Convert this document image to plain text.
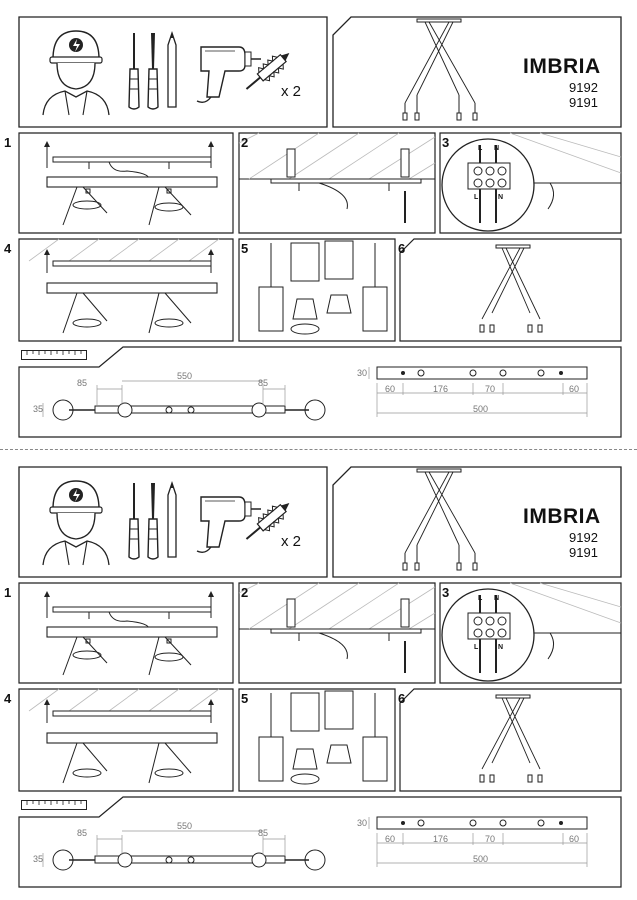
x 2
IMBRIA
9192
9191
1	2	3	L N
L	N
4	5	6
85
550
85
35
30
60	176	70	60
500
x 2
IMBRIA
9192
9191
1	2	3	L N
L	N
4	5	6
85
550
85
35
30
60	176	70	60
500
